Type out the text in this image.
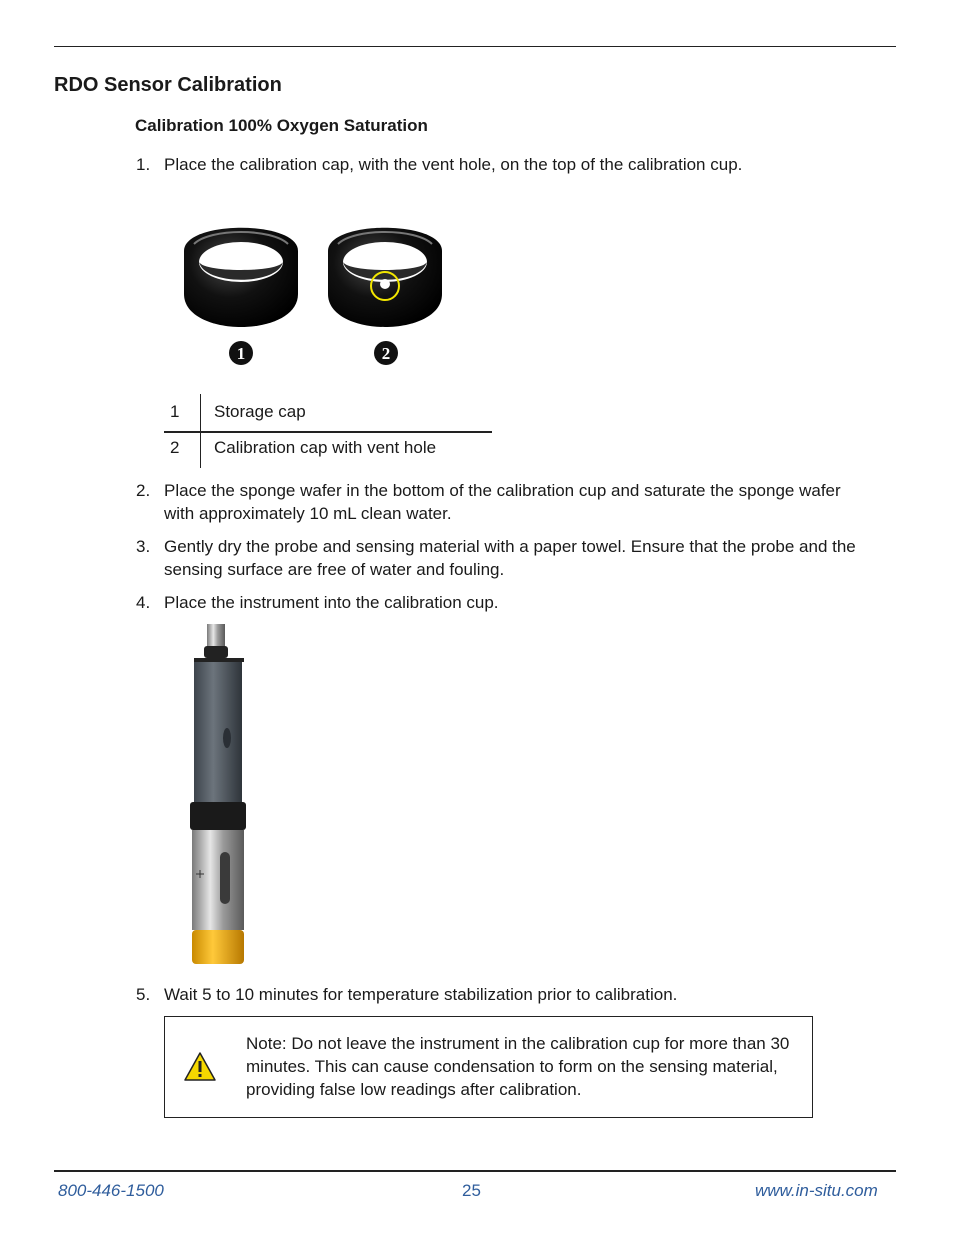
RDO Sensor Calibration
Calibration 100% Oxygen Saturation
1. Place the calibration cap, with the vent hole, on the top of the calibration cup.
1	2
1 Storage cap
2 Calibration cap with vent hole
2. Place the sponge wafer in the bottom of the calibration cup and saturate the sponge wafer with approximately 10 mL clean water.
3. Gently dry the probe and sensing material with a paper towel. Ensure that the probe and the sensing surface are free of water and fouling.
4. Place the instrument into the calibration cup.
5. Wait 5 to 10 minutes for temperature stabilization prior to calibration.
Note: Do not leave the instrument in the calibration cup for more than 30 minutes. This can cause condensation to form on the sensing material, providing false low readings after calibration.
800-446-1500	25	www.in-situ.com
